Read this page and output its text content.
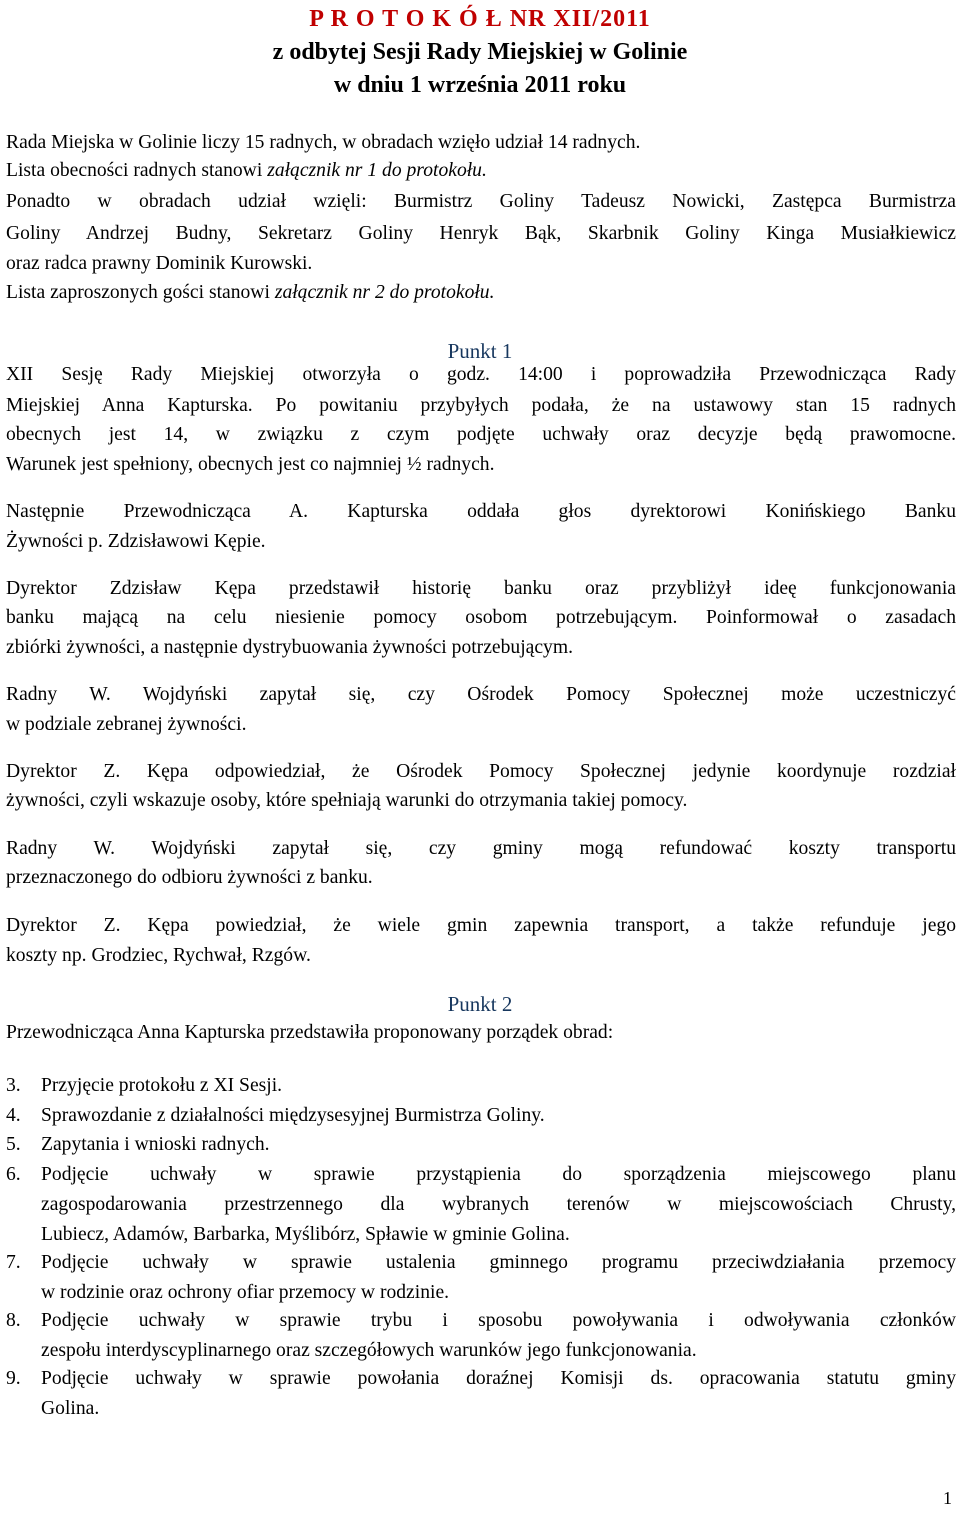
P R O T O K Ó Ł NR XII/2011
z odbytej Sesji Rady Miejskiej w Golinie
w dniu 1 września 2011 roku
Rada Miejska w Golinie liczy 15 radnych, w obradach wzięło udział 14 radnych.
Lista obecności radnych stanowi załącznik nr 1 do protokołu.
Ponadto w obradach udział wzięli: Burmistrz Goliny Tadeusz Nowicki, Zastępca Burmistrza
Goliny Andrzej Budny, Sekretarz Goliny Henryk Bąk, Skarbnik Goliny Kinga Musiałkiewicz
oraz radca prawny Dominik Kurowski.
Lista zaproszonych gości stanowi załącznik nr 2 do protokołu.
Punkt 1
XII Sesję Rady Miejskiej otworzyła o godz. 14:00 i poprowadziła Przewodnicząca Rady
Miejskiej Anna Kapturska. Po powitaniu przybyłych podała, że na ustawowy stan 15 radnych
obecnych jest 14, w związku z czym podjęte uchwały oraz decyzje będą prawomocne.
Warunek jest spełniony, obecnych jest co najmniej ½ radnych.
Następnie Przewodnicząca A. Kapturska oddała głos dyrektorowi Konińskiego Banku
Żywności p. Zdzisławowi Kępie.
Dyrektor Zdzisław Kępa przedstawił historię banku oraz przybliżył ideę funkcjonowania
banku mającą na celu niesienie pomocy osobom potrzebującym. Poinformował o zasadach
zbiórki żywności, a następnie dystrybuowania żywności potrzebującym.
Radny W. Wojdyński zapytał się, czy Ośrodek Pomocy Społecznej może uczestniczyć
w podziale zebranej żywności.
Dyrektor Z. Kępa odpowiedział, że Ośrodek Pomocy Społecznej jedynie koordynuje rozdział
żywności, czyli wskazuje osoby, które spełniają warunki do otrzymania takiej pomocy.
Radny W. Wojdyński zapytał się, czy gminy mogą refundować koszty transportu
przeznaczonego do odbioru żywności z banku.
Dyrektor Z. Kępa powiedział, że wiele gmin zapewnia transport, a także refunduje jego
koszty np. Grodziec, Rychwał, Rzgów.
Punkt 2
Przewodnicząca Anna Kapturska przedstawiła proponowany porządek obrad:
3.	Przyjęcie protokołu z XI Sesji.
4.	Sprawozdanie z działalności międzysesyjnej Burmistrza Goliny.
5.	Zapytania i wnioski radnych.
6.	Podjęcie uchwały w sprawie przystąpienia do sporządzenia miejscowego planu
zagospodarowania przestrzennego dla wybranych terenów w miejscowościach Chrusty,
Lubiecz, Adamów, Barbarka, Myślibórz, Spławie w gminie Golina.
7.	Podjęcie uchwały w sprawie ustalenia gminnego programu przeciwdziałania przemocy
w rodzinie oraz ochrony ofiar przemocy w rodzinie.
8.	Podjęcie uchwały w sprawie trybu i sposobu powoływania i odwoływania członków
zespołu interdyscyplinarnego oraz szczegółowych warunków jego funkcjonowania.
9.	Podjęcie uchwały w sprawie powołania doraźnej Komisji ds. opracowania statutu gminy
Golina.
1
